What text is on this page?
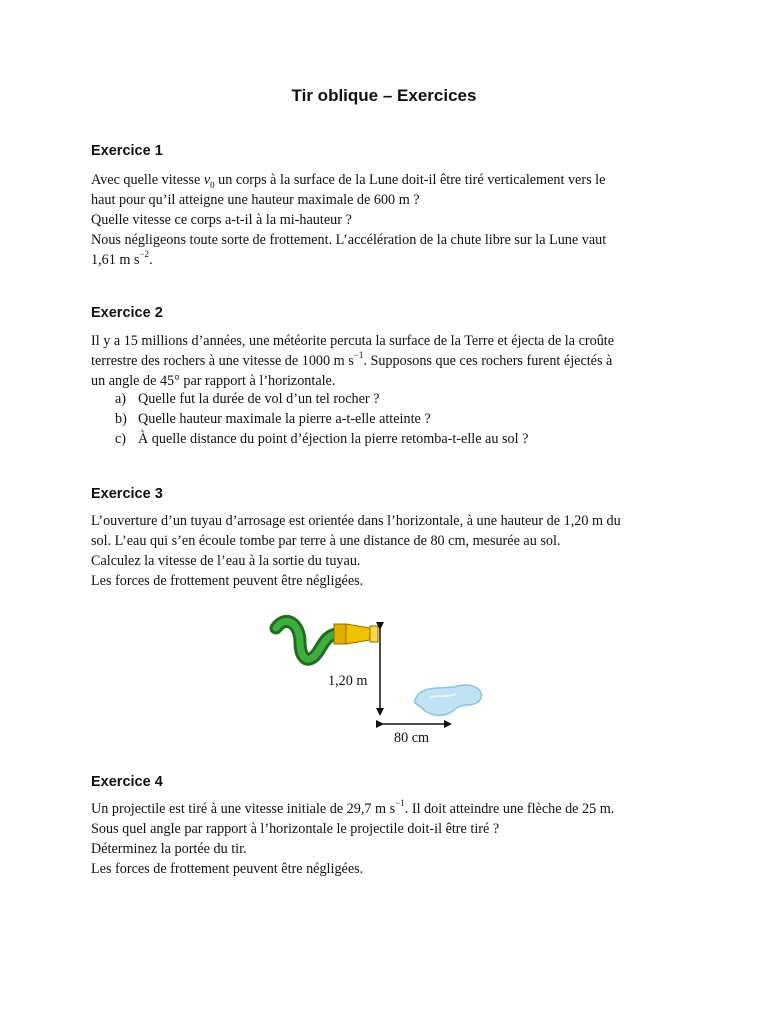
Tir oblique – Exercices
Exercice 1

Avec quelle vitesse $v_0$ un corps à la surface de la Lune doit-il être tiré verticalement vers le
haut pour qu’il atteigne une hauteur maximale de 600 m ?
Quelle vitesse ce corps a-t-il à la mi-hauteur ?
Nous négligeons toute sorte de frottement. L’accélération de la chute libre sur la Lune vaut
1,61 m $s^{-2}$.

Exercice 2

Il y a 15 millions d’années, une météorite percuta la surface de la Terre et éjecta de la croûte
terrestre des rochers à une vitesse de 1000 m $s^{-1}$. Supposons que ces rochers furent éjectés à
un angle de 45° par rapport à l’horizontale.

a) Quelle fut la durée de vol d’un tel rocher ?
b) Quelle hauteur maximale la pierre a-t-elle atteinte ?
c) À quelle distance du point d’éjection la pierre retomba-t-elle au sol ?
Exercice 3

L’ouverture d’un tuyau d’arrosage est orientée dans l’horizontale, à une hauteur de 1,20 m du
sol. L’eau qui s’en écoule tombe par terre à une distance de 80 cm, mesurée au sol.
Calculez la vitesse de l’eau à la sortie du tuyau.
Les forces de frottement peuvent être négligées.

1,20 m
80 cm
Exercice 4

Un projectile est tiré à une vitesse initiale de 29,7 m $s^{-1}$. Il doit atteindre une flèche de 25 m.
Sous quel angle par rapport à l’horizontale le projectile doit-il être tiré ?
Déterminez la portée du tir.
Les forces de frottement peuvent être négligées.
